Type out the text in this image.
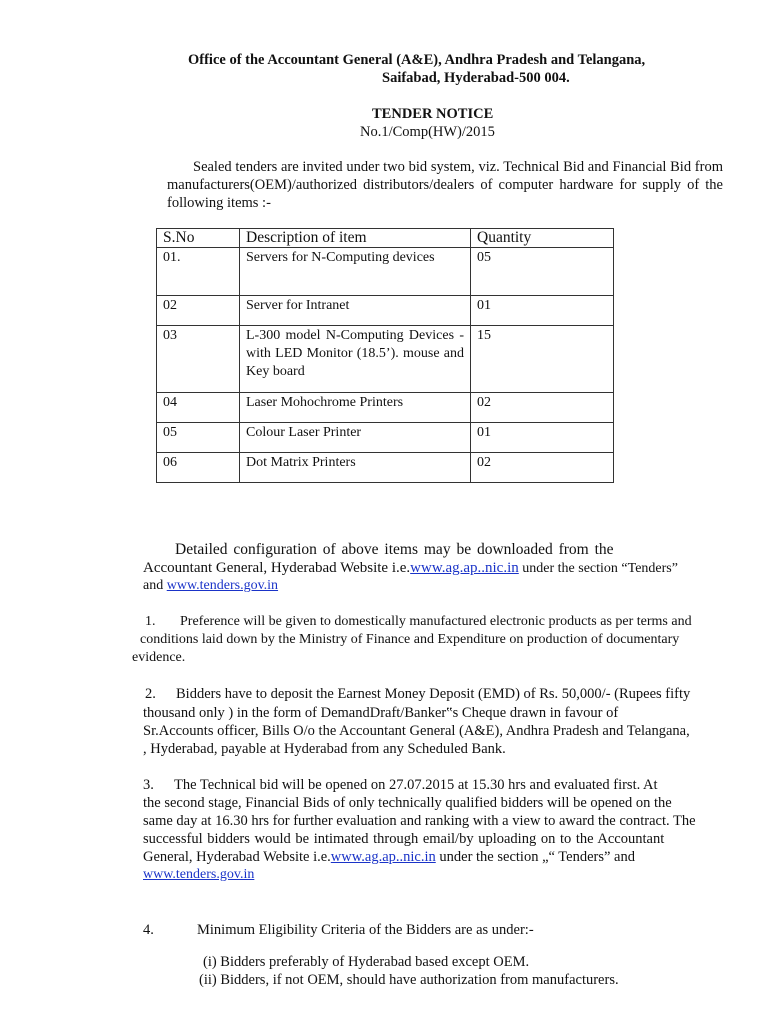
Office of the Accountant General (A&E), Andhra Pradesh and Telangana,
Saifabad, Hyderabad-500 004.
TENDER NOTICE
No.1/Comp(HW)/2015
Sealed tenders are invited under two bid system, viz. Technical Bid and Financial Bid from manufacturers(OEM)/authorized distributors/dealers of computer hardware for supply of the following items :-
S.No	Description of item	Quantity
01.	Servers for N-Computing devices	05
02	Server for Intranet	01
03	L-300 model N-Computing Devices - with LED Monitor (18.5’). mouse and Key board	15
04	Laser Mohochrome Printers	02
05	Colour Laser Printer	01
06	Dot Matrix Printers	02
Detailed configuration of above items may be downloaded from the
Accountant General, Hyderabad Website i.e.www.ag.ap..nic.in under the section “Tenders”
and www.tenders.gov.in
1. Preference will be given to domestically manufactured electronic products as per terms and
conditions laid down by the Ministry of Finance and Expenditure on production of documentary
evidence.
2. Bidders have to deposit the Earnest Money Deposit (EMD) of Rs. 50,000/- (Rupees fifty
thousand only ) in the form of DemandDraft/Banker‟s Cheque drawn in favour of
Sr.Accounts officer, Bills O/o the Accountant General (A&E), Andhra Pradesh and Telangana,
, Hyderabad, payable at Hyderabad from any Scheduled Bank.
3. The Technical bid will be opened on 27.07.2015 at 15.30 hrs and evaluated first. At
the second stage, Financial Bids of only technically qualified bidders will be opened on the
same day at 16.30 hrs for further evaluation and ranking with a view to award the contract. The
successful bidders would be intimated through email/by uploading on to the Accountant
General, Hyderabad Website i.e.www.ag.ap..nic.in under the section „“ Tenders” and
www.tenders.gov.in
4.	Minimum Eligibility Criteria of the Bidders are as under:-
(i) Bidders preferably of Hyderabad based except OEM.
(ii) Bidders, if not OEM, should have authorization from manufacturers.
